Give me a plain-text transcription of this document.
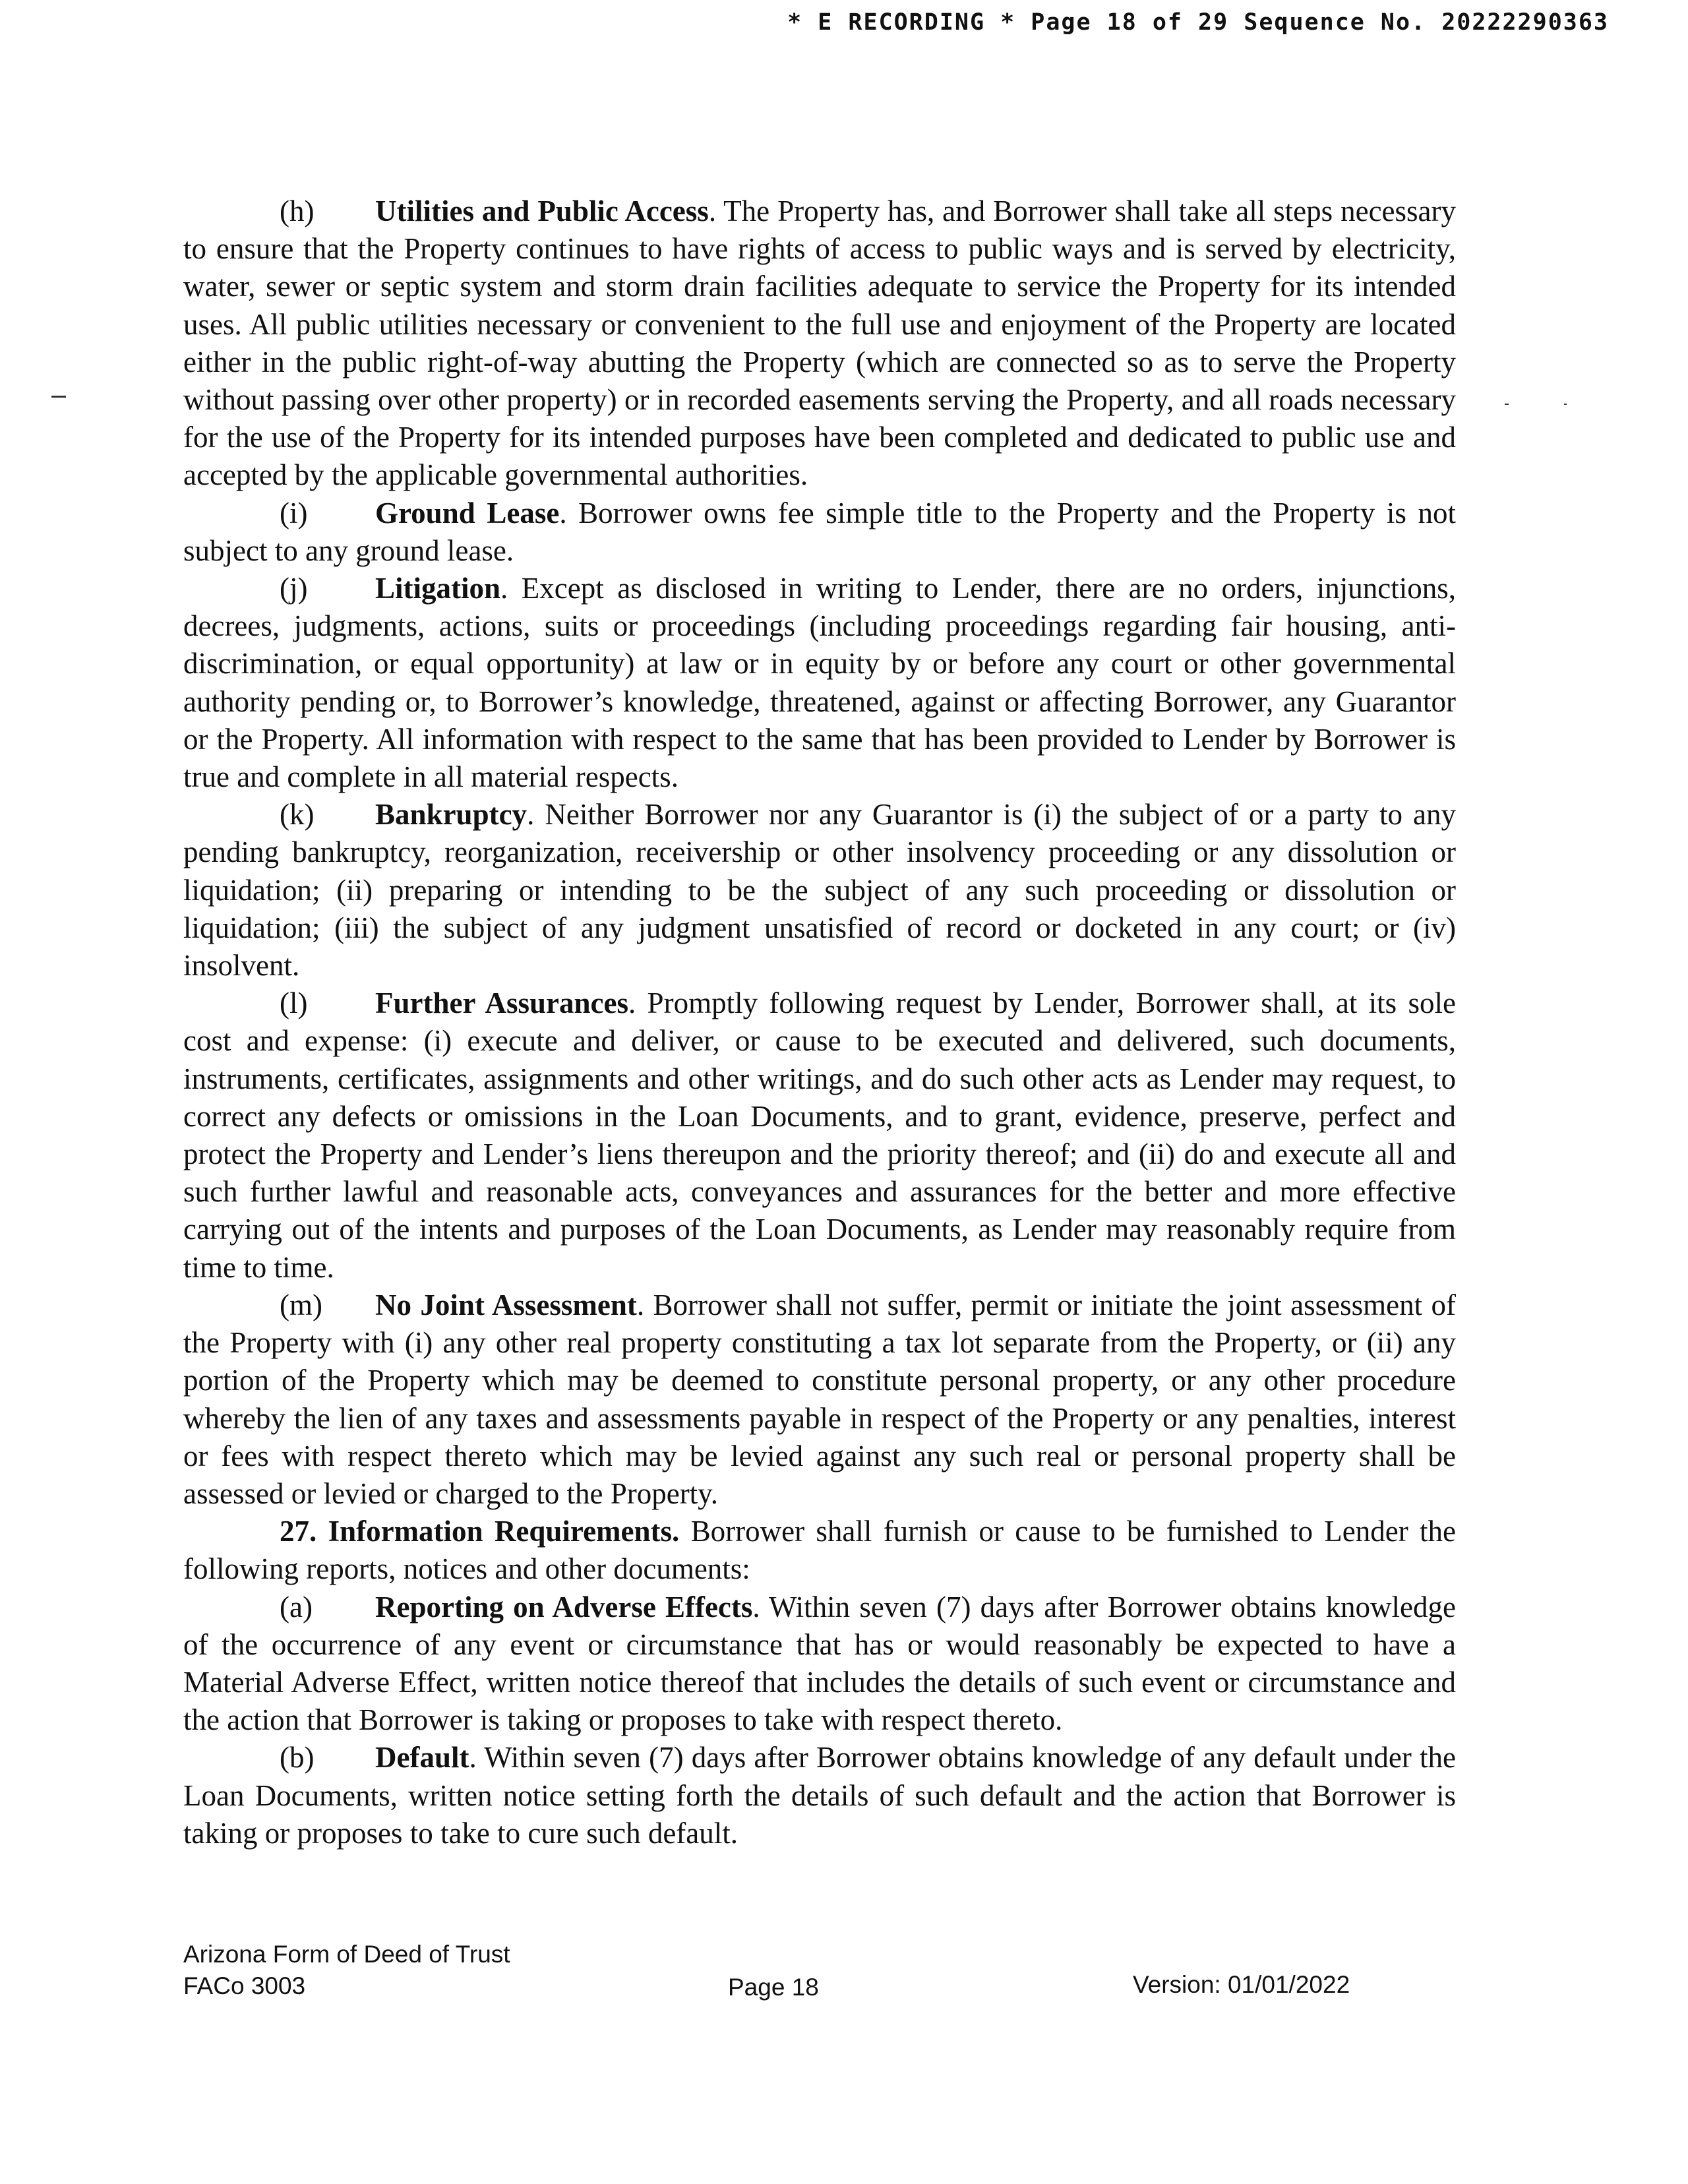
* E RECORDING * Page 18 of 29 Sequence No. 20222290363

(h) Utilities and Public Access. The Property has, and Borrower shall take all steps necessary to ensure that the Property continues to have rights of access to public ways and is served by electricity, water, sewer or septic system and storm drain facilities adequate to service the Property for its intended uses. All public utilities necessary or convenient to the full use and enjoyment of the Property are located either in the public right-of-way abutting the Property (which are connected so as to serve the Property without passing over other property) or in recorded easements serving the Property, and all roads necessary for the use of the Property for its intended purposes have been completed and dedicated to public use and accepted by the applicable governmental authorities.

(i) Ground Lease. Borrower owns fee simple title to the Property and the Property is not subject to any ground lease.

(j) Litigation. Except as disclosed in writing to Lender, there are no orders, injunctions, decrees, judgments, actions, suits or proceedings (including proceedings regarding fair housing, anti-discrimination, or equal opportunity) at law or in equity by or before any court or other governmental authority pending or, to Borrower’s knowledge, threatened, against or affecting Borrower, any Guarantor or the Property. All information with respect to the same that has been provided to Lender by Borrower is true and complete in all material respects.

(k) Bankruptcy. Neither Borrower nor any Guarantor is (i) the subject of or a party to any pending bankruptcy, reorganization, receivership or other insolvency proceeding or any dissolution or liquidation; (ii) preparing or intending to be the subject of any such proceeding or dissolution or liquidation; (iii) the subject of any judgment unsatisfied of record or docketed in any court; or (iv) insolvent.

(l) Further Assurances. Promptly following request by Lender, Borrower shall, at its sole cost and expense: (i) execute and deliver, or cause to be executed and delivered, such documents, instruments, certificates, assignments and other writings, and do such other acts as Lender may request, to correct any defects or omissions in the Loan Documents, and to grant, evidence, preserve, perfect and protect the Property and Lender’s liens thereupon and the priority thereof; and (ii) do and execute all and such further lawful and reasonable acts, conveyances and assurances for the better and more effective carrying out of the intents and purposes of the Loan Documents, as Lender may reasonably require from time to time.

(m) No Joint Assessment. Borrower shall not suffer, permit or initiate the joint assessment of the Property with (i) any other real property constituting a tax lot separate from the Property, or (ii) any portion of the Property which may be deemed to constitute personal property, or any other procedure whereby the lien of any taxes and assessments payable in respect of the Property or any penalties, interest or fees with respect thereto which may be levied against any such real or personal property shall be assessed or levied or charged to the Property.

27. Information Requirements. Borrower shall furnish or cause to be furnished to Lender the following reports, notices and other documents:

(a) Reporting on Adverse Effects. Within seven (7) days after Borrower obtains knowledge of the occurrence of any event or circumstance that has or would reasonably be expected to have a Material Adverse Effect, written notice thereof that includes the details of such event or circumstance and the action that Borrower is taking or proposes to take with respect thereto.

(b) Default. Within seven (7) days after Borrower obtains knowledge of any default under the Loan Documents, written notice setting forth the details of such default and the action that Borrower is taking or proposes to take to cure such default.

Arizona Form of Deed of Trust
FACo 3003	Page 18	Version: 01/01/2022
